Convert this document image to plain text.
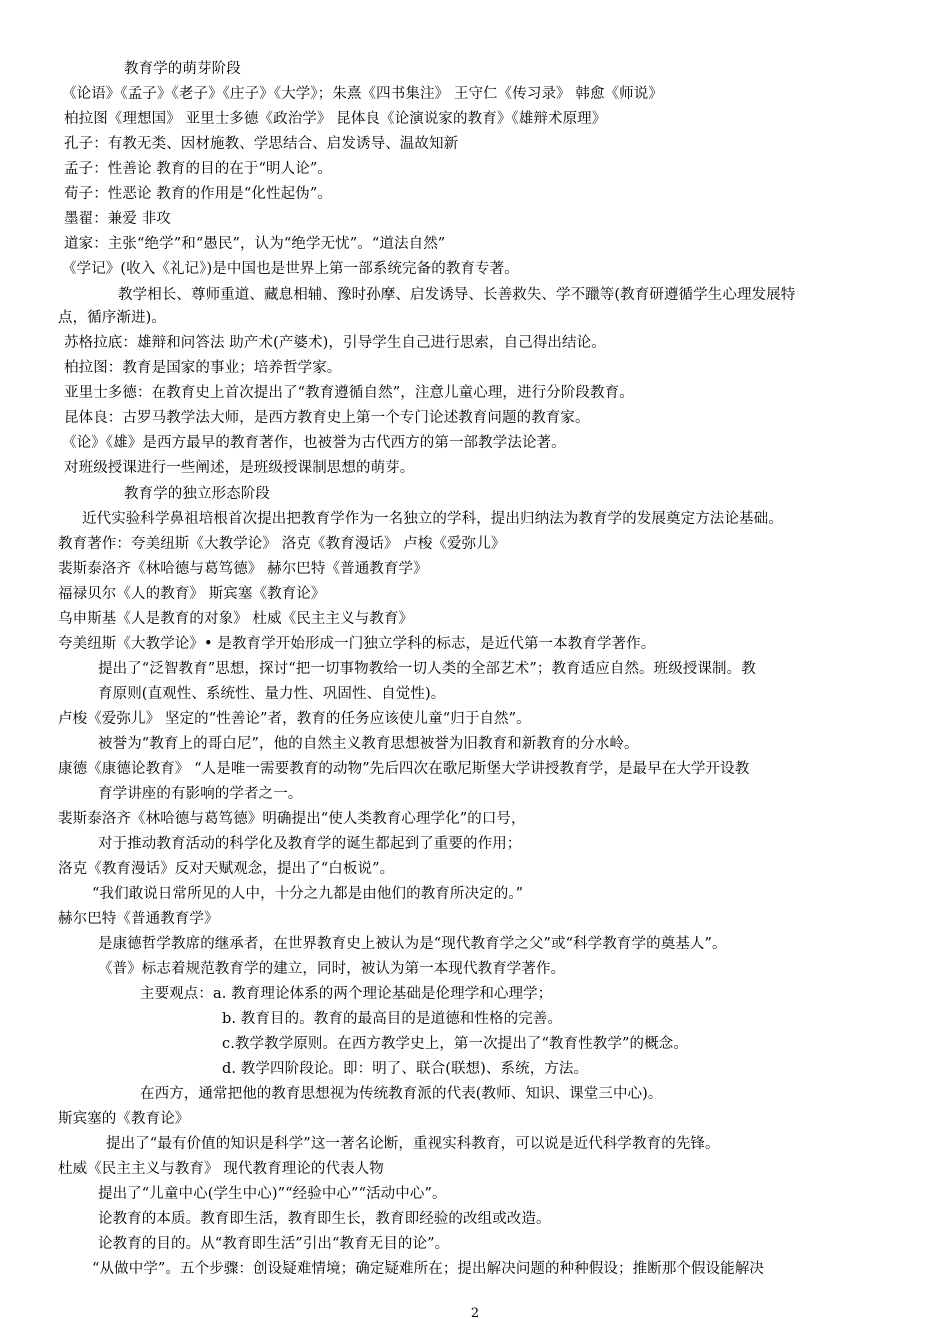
教育学的萌芽阶段
《论语》《孟子》《老子》《庄子》《大学》；朱熹《四书集注》 王守仁《传习录》 韩愈《师说》
柏拉图《理想国》 亚里士多德《政治学》 昆体良《论演说家的教育》《雄辩术原理》
孔子：有教无类、因材施教、学思结合、启发诱导、温故知新
孟子：性善论 教育的目的在于“明人论”。
荀子：性恶论 教育的作用是“化性起伪”。
墨翟：兼爱 非攻
道家：主张“绝学”和“愚民”，认为“绝学无忧”。“道法自然”
《学记》(收入《礼记》)是中国也是世界上第一部系统完备的教育专著。
教学相长、尊师重道、藏息相辅、豫时孙摩、启发诱导、长善救失、学不躐等(教育研遵循学生心理发展特
点，循序渐进)。
苏格拉底：雄辩和问答法 助产术(产婆术)，引导学生自己进行思索，自己得出结论。
柏拉图：教育是国家的事业；培养哲学家。
亚里士多德：在教育史上首次提出了“教育遵循自然”，注意儿童心理，进行分阶段教育。
昆体良：古罗马教学法大师，是西方教育史上第一个专门论述教育问题的教育家。
《论》《雄》是西方最早的教育著作，也被誉为古代西方的第一部教学法论著。
对班级授课进行一些阐述，是班级授课制思想的萌芽。
教育学的独立形态阶段
近代实验科学鼻祖培根首次提出把教育学作为一名独立的学科，提出归纳法为教育学的发展奠定方法论基础。
教育著作：夸美纽斯《大教学论》 洛克《教育漫话》 卢梭《爱弥儿》
裴斯泰洛齐《林哈德与葛笃德》 赫尔巴特《普通教育学》
福禄贝尔《人的教育》 斯宾塞《教育论》
乌申斯基《人是教育的对象》 杜威《民主主义与教育》
夸美纽斯《大教学论》• 是教育学开始形成一门独立学科的标志，是近代第一本教育学著作。
提出了“泛智教育”思想，探讨“把一切事物教给一切人类的全部艺术”；教育适应自然。班级授课制。教
育原则(直观性、系统性、量力性、巩固性、自觉性)。
卢梭《爱弥儿》 坚定的“性善论”者，教育的任务应该使儿童“归于自然”。
被誉为“教育上的哥白尼”，他的自然主义教育思想被誉为旧教育和新教育的分水岭。
康德《康德论教育》 “人是唯一需要教育的动物”先后四次在歌尼斯堡大学讲授教育学，是最早在大学开设教
育学讲座的有影响的学者之一。
裴斯泰洛齐《林哈德与葛笃德》明确提出“使人类教育心理学化”的口号，
对于推动教育活动的科学化及教育学的诞生都起到了重要的作用；
洛克《教育漫话》反对天赋观念，提出了“白板说”。
“我们敢说日常所见的人中，十分之九都是由他们的教育所决定的。”
赫尔巴特《普通教育学》
是康德哲学教席的继承者，在世界教育史上被认为是“现代教育学之父”或“科学教育学的奠基人”。
《普》标志着规范教育学的建立，同时，被认为第一本现代教育学著作。
主要观点：a. 教育理论体系的两个理论基础是伦理学和心理学；
b. 教育目的。教育的最高目的是道德和性格的完善。
c.教学教学原则。在西方教学史上，第一次提出了“教育性教学”的概念。
d. 教学四阶段论。即：明了、联合(联想)、系统，方法。
在西方，通常把他的教育思想视为传统教育派的代表(教师、知识、课堂三中心)。
斯宾塞的《教育论》
提出了“最有价值的知识是科学”这一著名论断，重视实科教育，可以说是近代科学教育的先锋。
杜威《民主主义与教育》 现代教育理论的代表人物
提出了“儿童中心(学生中心)”“经验中心”“活动中心”。
论教育的本质。教育即生活，教育即生长，教育即经验的改组或改造。
论教育的目的。从“教育即生活”引出“教育无目的论”。
“从做中学”。五个步骤：创设疑难情境；确定疑难所在；提出解决问题的种种假设；推断那个假设能解决
2
